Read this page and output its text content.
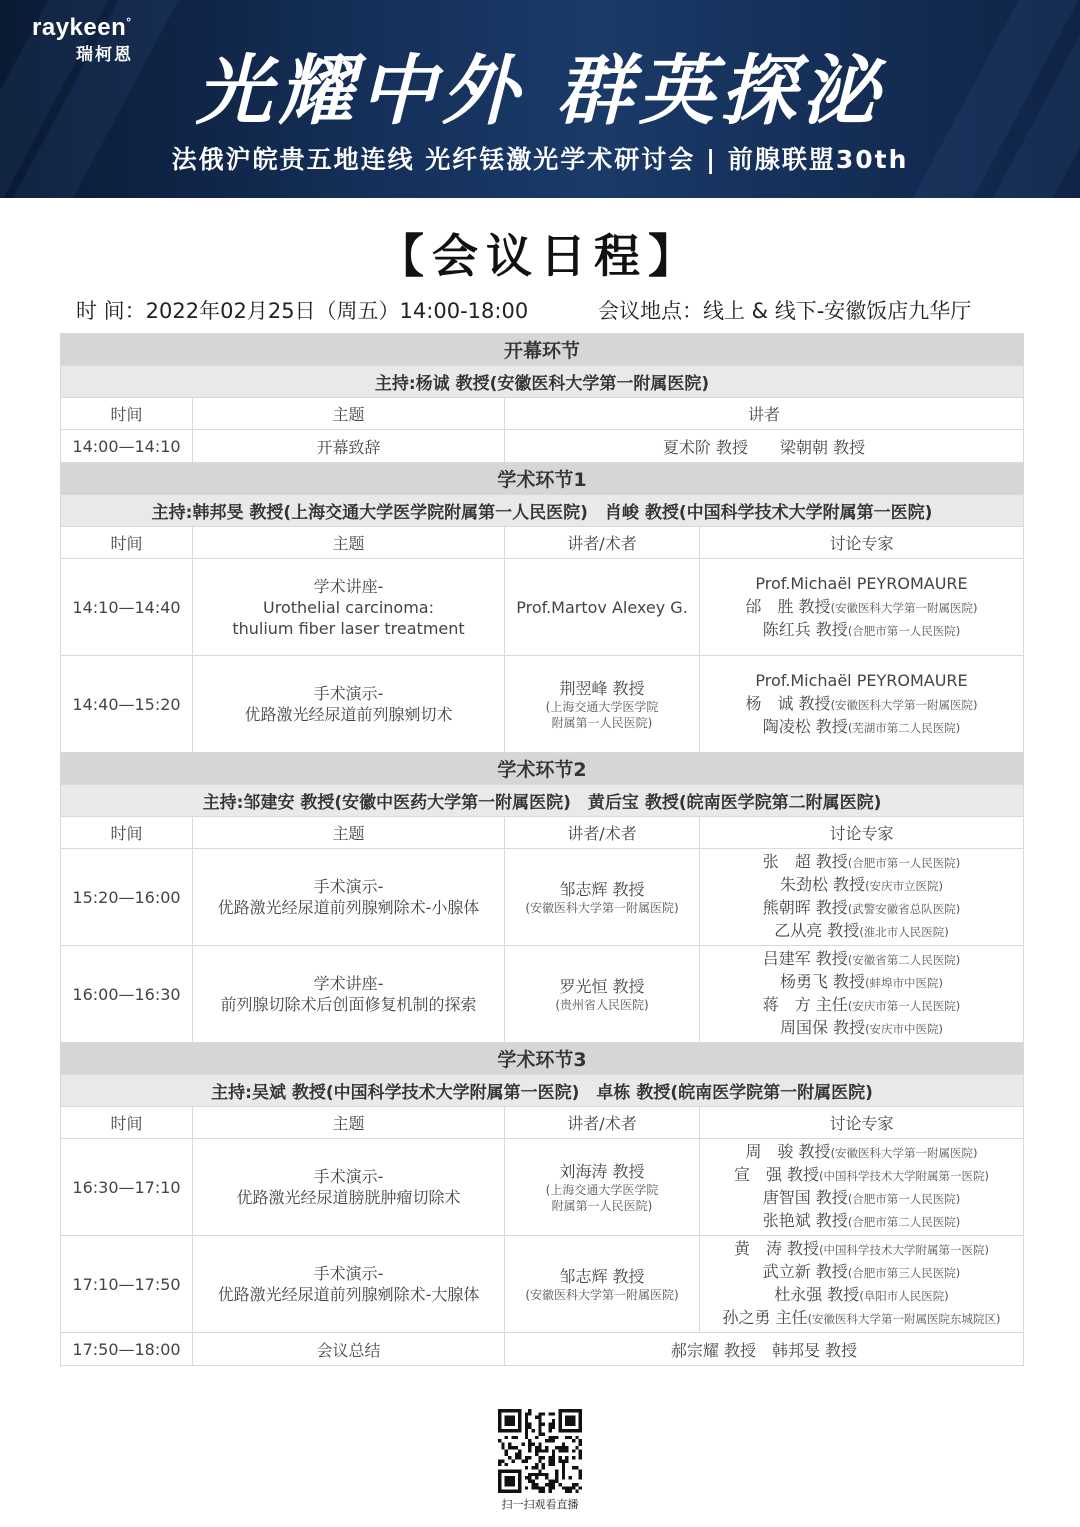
raykeen°
瑞柯恩 光耀中外 群英探泌
法俄沪皖贵五地连线 光纤铥激光学术研讨会 | 前腺联盟30th
【会议日程】
时 间：2022年02月25日（周五）14:00-18:00	会议地点：线上 & 线下-安徽饭店九华厅
开幕环节			
主持:杨诚 教授(安徽医科大学第一附属医院)			
时间	主题	讲者	
14:00—14:10	开幕致辞	夏术阶 教授　　梁朝朝 教授	
学术环节1			
主持:韩邦旻 教授(上海交通大学医学院附属第一人民医院)　肖峻 教授(中国科学技术大学附属第一医院)			
时间	主题	讲者/术者	讨论专家
14:10—14:40	学术讲座-
Urothelial carcinoma:
thulium fiber laser treatment	Prof.Martov Alexey G.	Prof.Michaël PEYROMAURE
邰　胜 教授(安徽医科大学第一附属医院)
陈红兵 教授(合肥市第一人民医院)

14:40—15:20	手术演示-
优路激光经尿道前列腺剜切术	荆翌峰 教授
(上海交通大学医学院
附属第一人民医院)	Prof.Michaël PEYROMAURE
杨　诚 教授(安徽医科大学第一附属医院)
陶凌松 教授(芜湖市第二人民医院)

学术环节2			
主持:邹建安 教授(安徽中医药大学第一附属医院)　黄后宝 教授(皖南医学院第二附属医院)			
时间	主题	讲者/术者	讨论专家
15:20—16:00	手术演示-
优路激光经尿道前列腺剜除术-小腺体	邹志辉 教授
(安徽医科大学第一附属医院)	张　超 教授(合肥市第一人民医院)
朱劲松 教授(安庆市立医院)
熊朝晖 教授(武警安徽省总队医院)
乙从亮 教授(淮北市人民医院)

16:00—16:30	学术讲座-
前列腺切除术后创面修复机制的探索	罗光恒 教授
(贵州省人民医院)	吕建军 教授(安徽省第二人民医院)
杨勇飞 教授(蚌埠市中医院)
蒋　方 主任(安庆市第一人民医院)
周国保 教授(安庆市中医院)

学术环节3			
主持:吴斌 教授(中国科学技术大学附属第一医院)　卓栋 教授(皖南医学院第一附属医院)			
时间	主题	讲者/术者	讨论专家
16:30—17:10	手术演示-
优路激光经尿道膀胱肿瘤切除术	刘海涛 教授
(上海交通大学医学院
附属第一人民医院)	周　骏 教授(安徽医科大学第一附属医院)
宣　强 教授(中国科学技术大学附属第一医院)
唐智国 教授(合肥市第一人民医院)
张艳斌 教授(合肥市第二人民医院)

17:10—17:50	手术演示-
优路激光经尿道前列腺剜除术-大腺体	邹志辉 教授
(安徽医科大学第一附属医院)	黄　涛 教授(中国科学技术大学附属第一医院)
武立新 教授(合肥市第三人民医院)
杜永强 教授(阜阳市人民医院)
孙之勇 主任(安徽医科大学第一附属医院东城院区)

17:50—18:00	会议总结	郝宗耀 教授　韩邦旻 教授	
扫一扫观看直播
